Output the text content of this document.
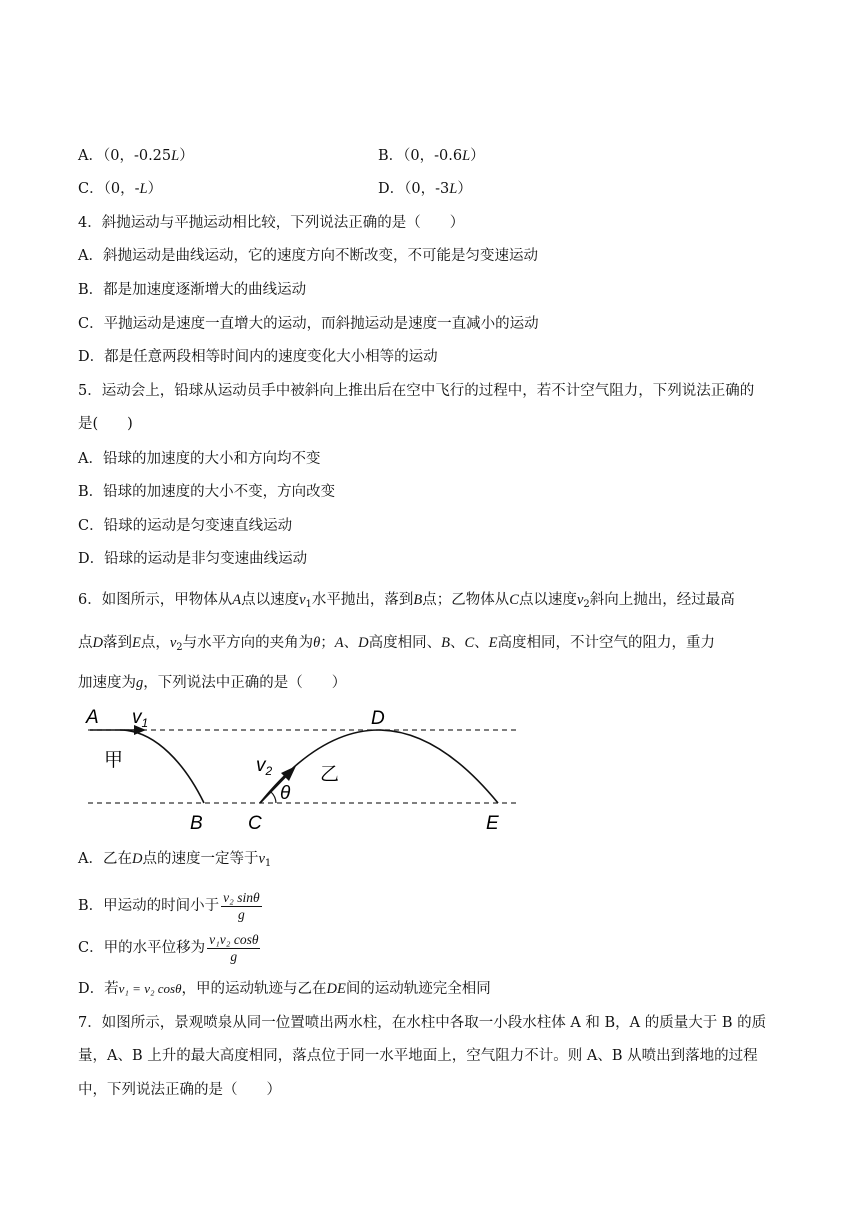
A．（0，-0.25L）	B．（0，-0.6L）
C．（0，-L）	D．（0，-3L）
4．斜抛运动与平抛运动相比较，下列说法正确的是（　　）
A．斜抛运动是曲线运动，它的速度方向不断改变，不可能是匀变速运动
B．都是加速度逐渐增大的曲线运动
C．平抛运动是速度一直增大的运动，而斜抛运动是速度一直减小的运动
D．都是任意两段相等时间内的速度变化大小相等的运动
5．运动会上，铅球从运动员手中被斜向上推出后在空中飞行的过程中，若不计空气阻力，下列说法正确的
是(　　)
A．铅球的加速度的大小和方向均不变
B．铅球的加速度的大小不变，方向改变
C．铅球的运动是匀变速直线运动
D．铅球的运动是非匀变速曲线运动
6．如图所示，甲物体从A点以速度$v_1$水平抛出，落到B点；乙物体从C点以速度$v_2$斜向上抛出，经过最高
点D落到E点，$v_2$与水平方向的夹角为θ；A、D高度相同、B、C、E高度相同，不计空气的阻力，重力
加速度为g，下列说法中正确的是（　　）
A $v_1$
甲
D
$v_2$	乙
θ
B C	E
A．乙在D点的速度一定等于$v_1$
B．甲运动的时间小于 $\frac{\text{v₂ sinθ}}{g}$
C．甲的水平位移为 $\frac{\text{v₁v₂ cosθ}}{g}$
D．若v₁ = v₂ cosθ，甲的运动轨迹与乙在DE间的运动轨迹完全相同
7．如图所示，景观喷泉从同一位置喷出两水柱，在水柱中各取一小段水柱体 A 和 B，A 的质量大于 B 的质
量，A、B 上升的最大高度相同，落点位于同一水平地面上，空气阻力不计。则 A、B 从喷出到落地的过程
中，下列说法正确的是（　　）
